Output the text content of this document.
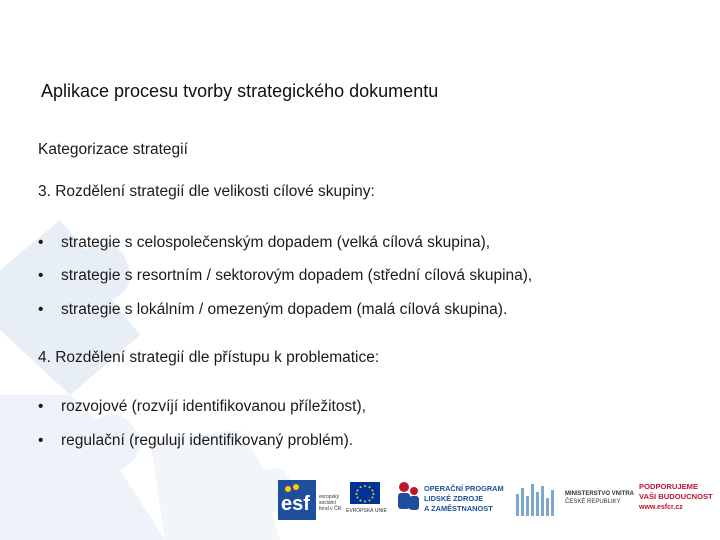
Aplikace procesu tvorby strategického dokumentu
Kategorizace strategií
3. Rozdělení strategií dle velikosti cílové skupiny:
• strategie s celospolečenským dopadem (velká cílová skupina),
• strategie s resortním / sektorovým dopadem (střední cílová skupina),
• strategie s lokálním / omezeným dopadem (malá cílová skupina).
4. Rozdělení strategií dle přístupu k problematice:
• rozvojové (rozvíjí identifikovanou příležitost),
• regulační (regulují identifikovaný problém).
esf evropský
sociální
fond v ČR EVROPSKÁ UNIE
OPERAČNÍ PROGRAM
LIDSKÉ ZDROJE
A ZAMĚSTNANOST
MINISTERSTVO VNITRA
ČESKÉ REPUBLIKY
PODPORUJEME
VAŠI BUDOUCNOST
www.esfcr.cz
